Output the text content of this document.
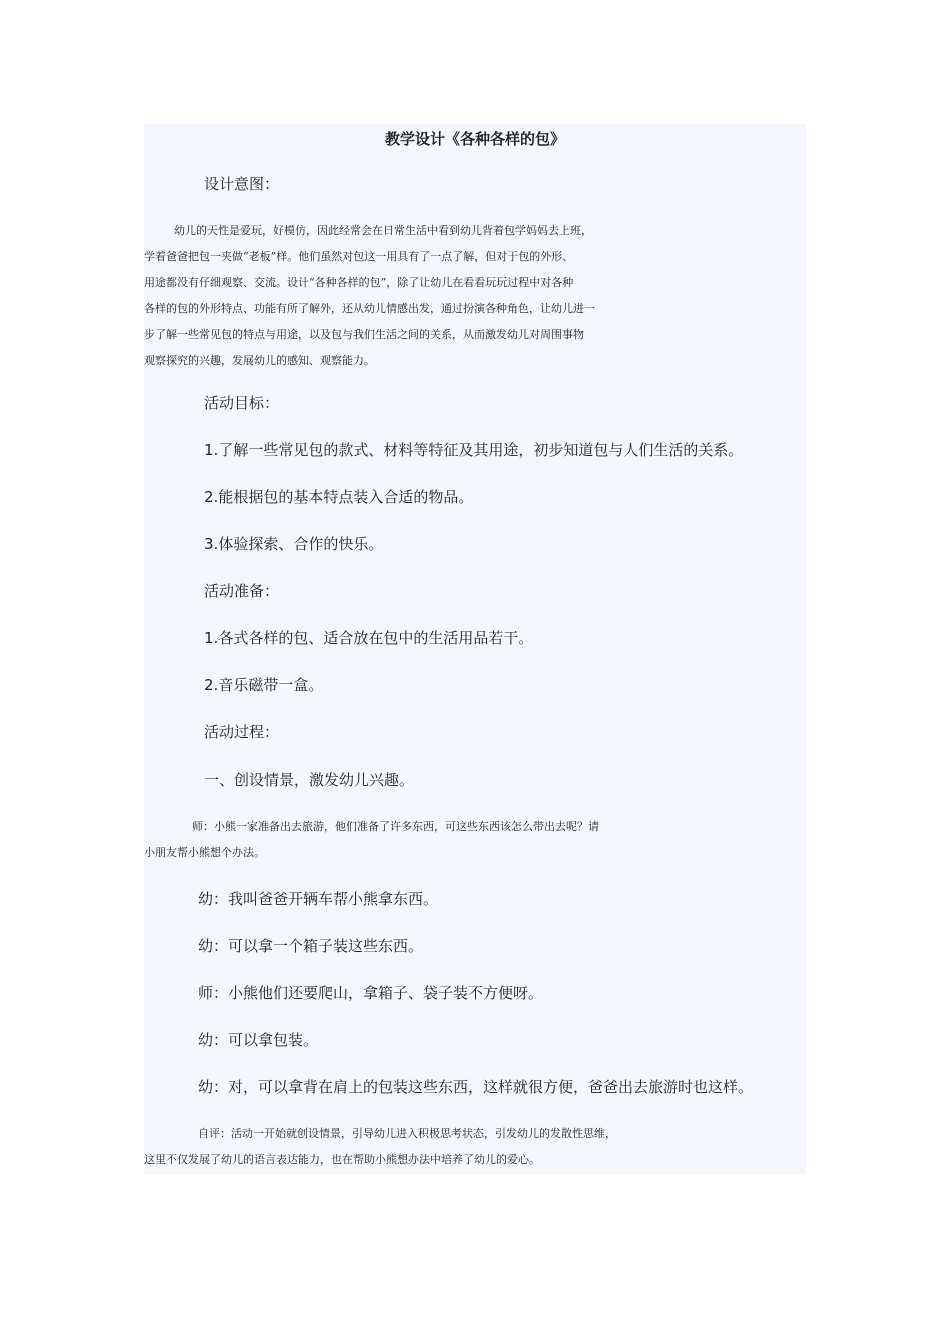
教学设计《各种各样的包》
设计意图：
幼儿的天性是爱玩，好模仿，因此经常会在日常生活中看到幼儿背着包学妈妈去上班，
学着爸爸把包一夹做“老板”样。他们虽然对包这一用具有了一点了解，但对于包的外形、
用途都没有仔细观察、交流。设计“各种各样的包”，除了让幼儿在看看玩玩过程中对各种
各样的包的外形特点、功能有所了解外，还从幼儿情感出发，通过扮演各种角色，让幼儿进一
步了解一些常见包的特点与用途，以及包与我们生活之间的关系，从而激发幼儿对周围事物
观察探究的兴趣，发展幼儿的感知、观察能力。
活动目标：
1.了解一些常见包的款式、材料等特征及其用途，初步知道包与人们生活的关系。
2.能根据包的基本特点装入合适的物品。
3.体验探索、合作的快乐。
活动准备：
1.各式各样的包、适合放在包中的生活用品若干。
2.音乐磁带一盒。
活动过程：
一、创设情景，激发幼儿兴趣。
师：小熊一家准备出去旅游，他们准备了许多东西，可这些东西该怎么带出去呢？请
小朋友帮小熊想个办法。
幼：我叫爸爸开辆车帮小熊拿东西。
幼：可以拿一个箱子装这些东西。
师：小熊他们还要爬山，拿箱子、袋子装不方便呀。
幼：可以拿包装。
幼：对，可以拿背在肩上的包装这些东西，这样就很方便，爸爸出去旅游时也这样。
自评：活动一开始就创设情景，引导幼儿进入积极思考状态，引发幼儿的发散性思维，
这里不仅发展了幼儿的语言表达能力，也在帮助小熊想办法中培养了幼儿的爱心。
